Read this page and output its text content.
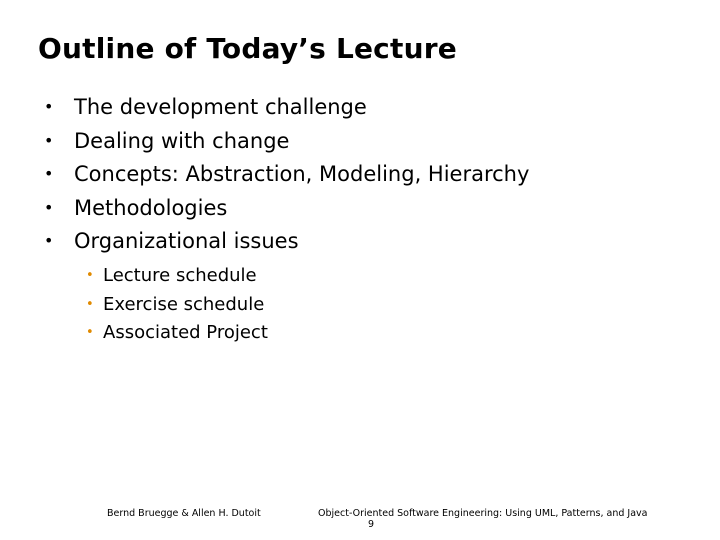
Outline of Today’s Lecture
• The development challenge
• Dealing with change
• Concepts: Abstraction, Modeling, Hierarchy
• Methodologies
• Organizational issues
• Lecture schedule
• Exercise schedule
• Associated Project
Bernd Bruegge & Allen H. Dutoit	Object-Oriented Software Engineering: Using UML, Patterns, and Java
9
